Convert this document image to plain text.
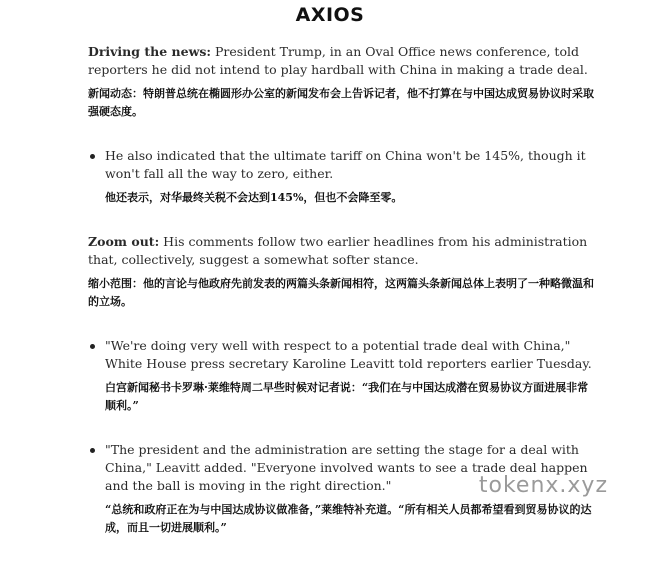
AXIOS

Driving the news: President Trump, in an Oval Office news conference, told reporters he did not intend to play hardball with China in making a trade deal.

新闻动态：特朗普总统在椭圆形办公室的新闻发布会上告诉记者，他不打算在与中国达成贸易协议时采取强硬态度。

He also indicated that the ultimate tariff on China won't be 145%, though it won't fall all the way to zero, either.

他还表示，对华最终关税不会达到145%，但也不会降至零。

Zoom out: His comments follow two earlier headlines from his administration that, collectively, suggest a somewhat softer stance.

缩小范围：他的言论与他政府先前发表的两篇头条新闻相符，这两篇头条新闻总体上表明了一种略微温和的立场。

"We're doing very well with respect to a potential trade deal with China," White House press secretary Karoline Leavitt told reporters earlier Tuesday.

白宫新闻秘书卡罗琳·莱维特周二早些时候对记者说：“我们在与中国达成潜在贸易协议方面进展非常顺利。”

"The president and the administration are setting the stage for a deal with China," Leavitt added. "Everyone involved wants to see a trade deal happen and the ball is moving in the right direction."

“总统和政府正在为与中国达成协议做准备，”莱维特补充道。“所有相关人员都希望看到贸易协议的达成，而且一切进展顺利。”

tokenx.xyz
